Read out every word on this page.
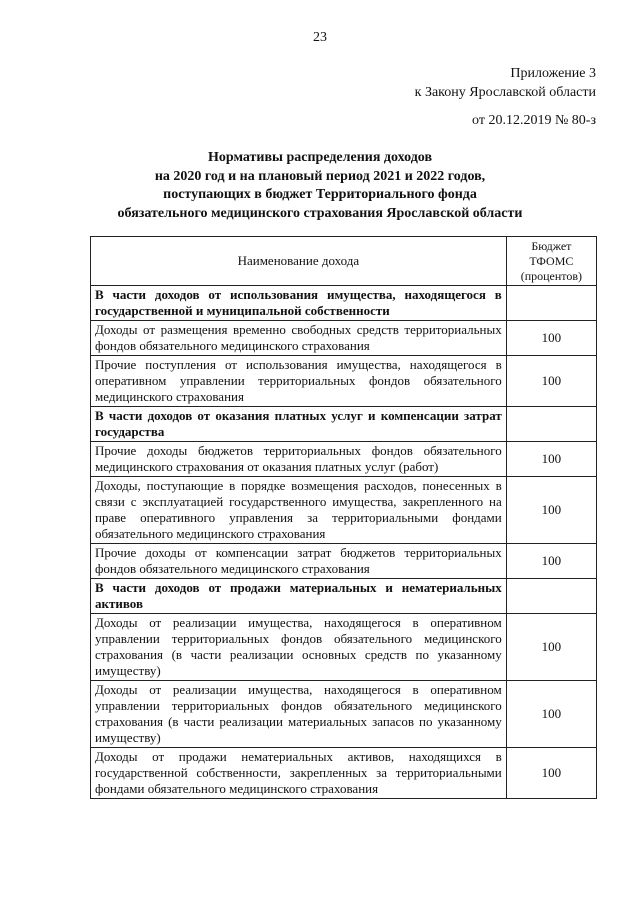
23
Приложение 3
к Закону Ярославской области
от 20.12.2019 № 80-з
Нормативы распределения доходов
на 2020 год и на плановый период 2021 и 2022 годов,
поступающих в бюджет Территориального фонда
обязательного медицинского страхования Ярославской области
Наименование дохода	Бюджет ТФОМС (процентов)
В части доходов от использования имущества, находящегося в государственной и муниципальной собственности	
Доходы от размещения временно свободных средств территориальных фондов обязательного медицинского страхования	100
Прочие поступления от использования имущества, находящегося в оперативном управлении территориальных фондов обязательного медицинского страхования	100
В части доходов от оказания платных услуг и компенсации затрат государства	
Прочие доходы бюджетов территориальных фондов обязательного медицинского страхования от оказания платных услуг (работ)	100
Доходы, поступающие в порядке возмещения расходов, понесенных в связи с эксплуатацией государственного имущества, закрепленного на праве оперативного управления за территориальными фондами обязательного медицинского страхования	100
Прочие доходы от компенсации затрат бюджетов территориальных фондов обязательного медицинского страхования	100
В части доходов от продажи материальных и нематериальных активов	
Доходы от реализации имущества, находящегося в оперативном управлении территориальных фондов обязательного медицинского страхования (в части реализации основных средств по указанному имуществу)	100
Доходы от реализации имущества, находящегося в оперативном управлении территориальных фондов обязательного медицинского страхования (в части реализации материальных запасов по указанному имуществу)	100
Доходы от продажи нематериальных активов, находящихся в государственной собственности, закрепленных за территориальными фондами обязательного медицинского страхования	100
